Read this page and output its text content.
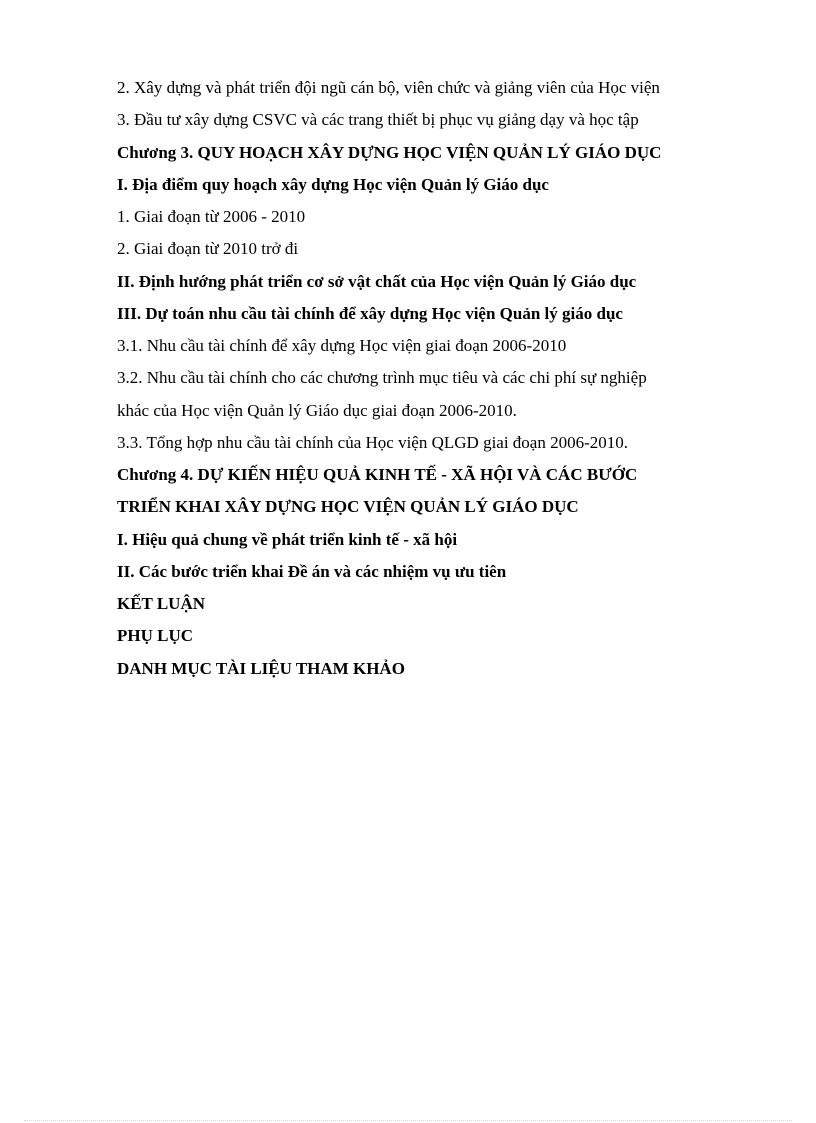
2. Xây dựng và phát triển đội ngũ cán bộ, viên chức và giảng viên của Học viện
3. Đầu tư xây dựng CSVC và các trang thiết bị phục vụ giảng dạy và học tập
Chương 3. QUY HOẠCH XÂY DỰNG HỌC VIỆN QUẢN LÝ GIÁO DỤC
I. Địa điểm quy hoạch xây dựng Học viện Quản lý Giáo dục
1. Giai đoạn từ 2006 - 2010
2. Giai đoạn từ 2010 trở đi
II. Định hướng phát triển cơ sở vật chất của Học viện Quản lý Giáo dục
III. Dự toán nhu cầu tài chính để xây dựng Học viện Quản lý giáo dục
3.1. Nhu cầu tài chính để xây dựng Học viện giai đoạn 2006-2010
3.2. Nhu cầu tài chính cho các chương trình mục tiêu và các chi phí sự nghiệp
khác của Học viện Quản lý Giáo dục giai đoạn 2006-2010.
3.3. Tổng hợp nhu cầu tài chính của Học viện QLGD giai đoạn 2006-2010.
Chương 4. DỰ KIẾN HIỆU QUẢ KINH TẾ - XÃ HỘI VÀ CÁC BƯỚC
TRIỂN KHAI XÂY DỰNG HỌC VIỆN QUẢN LÝ GIÁO DỤC
I. Hiệu quả chung về phát triển kinh tế - xã hội
II. Các bước triển khai Đề án và các nhiệm vụ ưu tiên
KẾT LUẬN
PHỤ LỤC
DANH MỤC TÀI LIỆU THAM KHẢO
